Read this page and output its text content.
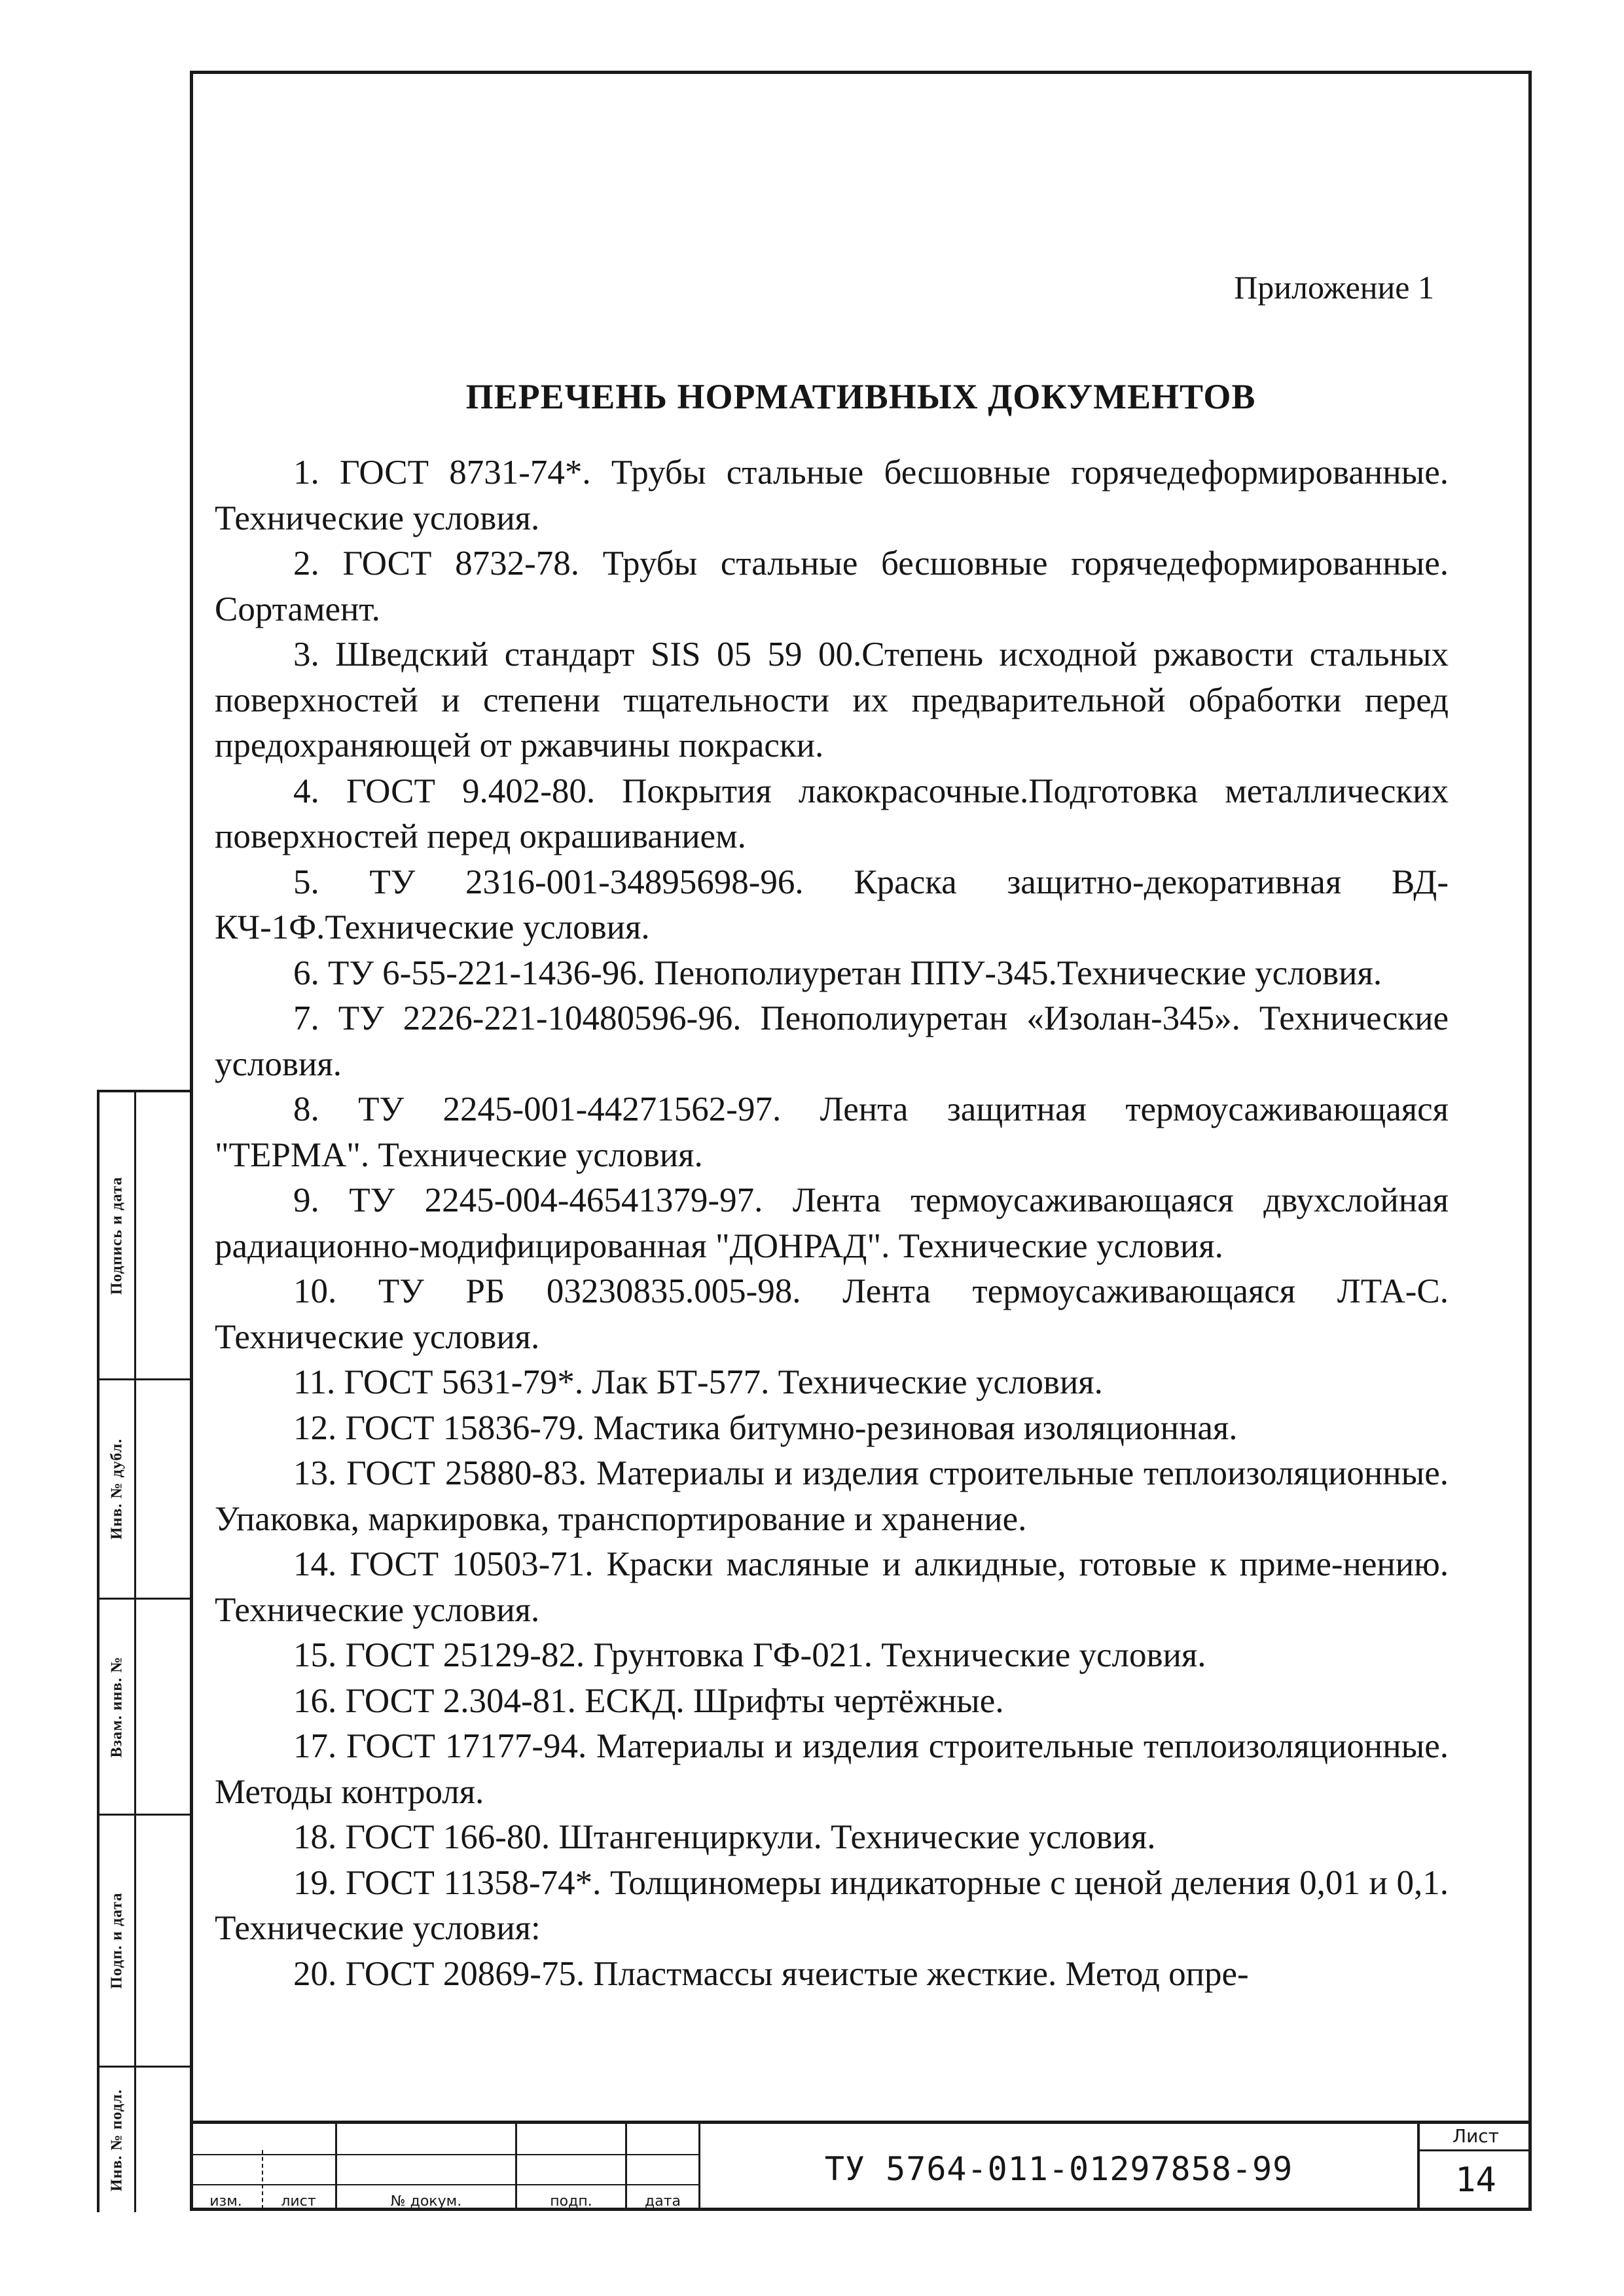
Приложение 1
ПЕРЕЧЕНЬ НОРМАТИВНЫХ ДОКУМЕНТОВ
1. ГОСТ 8731-74*. Трубы стальные бесшовные горячедеформированные. Технические условия.
2. ГОСТ 8732-78. Трубы стальные бесшовные горячедеформированные. Сортамент.
3. Шведский стандарт SIS 05 59 00.Степень исходной ржавости стальных поверхностей и степени тщательности их предварительной обработки перед предохраняющей от ржавчины покраски.
4. ГОСТ 9.402-80. Покрытия лакокрасочные.Подготовка металлических поверхностей перед окрашиванием.
5. ТУ 2316-001-34895698-96. Краска защитно-декоративная ВД-КЧ-1Ф.Технические условия.
6. ТУ 6-55-221-1436-96. Пенополиуретан ППУ-345.Технические условия.
7. ТУ 2226-221-10480596-96. Пенополиуретан «Изолан-345». Технические условия.
8. ТУ 2245-001-44271562-97. Лента защитная термоусаживающаяся "ТЕРМА". Технические условия.
9. ТУ 2245-004-46541379-97. Лента термоусаживающаяся двухслойная радиационно-модифицированная "ДОНРАД". Технические условия.
10. ТУ РБ 03230835.005-98. Лента термоусаживающаяся ЛТА-С. Технические условия.
11. ГОСТ 5631-79*. Лак БТ-577. Технические условия.
12. ГОСТ 15836-79. Мастика битумно-резиновая изоляционная.
13. ГОСТ 25880-83. Материалы и изделия строительные теплоизоляционные. Упаковка, маркировка, транспортирование и хранение.
14. ГОСТ 10503-71. Краски масляные и алкидные, готовые к приме-нению. Технические условия.
15. ГОСТ 25129-82. Грунтовка ГФ-021. Технические условия.
16. ГОСТ 2.304-81. ЕСКД. Шрифты чертёжные.
17. ГОСТ 17177-94. Материалы и изделия строительные теплоизоляционные. Методы контроля.
18. ГОСТ 166-80. Штангенциркули. Технические условия.
19. ГОСТ 11358-74*. Толщиномеры индикаторные с ценой деления 0,01 и 0,1. Технические условия:
20. ГОСТ 20869-75. Пластмассы ячеистые жесткие. Метод опре-
Подпись и дата
Инв. № дубл.
Взам. инв. №
Подп. и дата
Инв. № подл.
изм.	лист	№ докум.	подп.	дата
ТУ 5764-011-01297858-99
Лист
14
